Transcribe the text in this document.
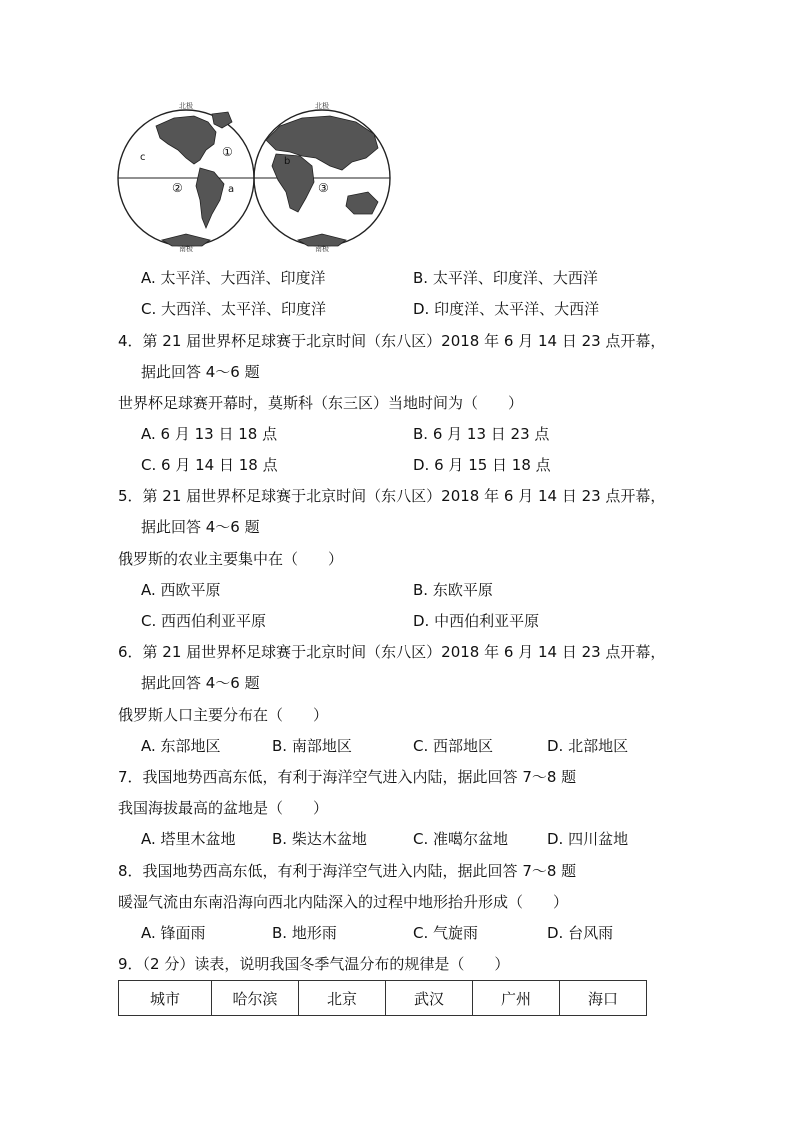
北极	北极
南极	南极
①
②	③
a
b
c
A. 太平洋、大西洋、印度洋	B. 太平洋、印度洋、大西洋
C. 大西洋、太平洋、印度洋	D. 印度洋、太平洋、大西洋
4．第 21 届世界杯足球赛于北京时间（东八区）2018 年 6 月 14 日 23 点开幕，
据此回答 4～6 题
世界杯足球赛开幕时，莫斯科（东三区）当地时间为（　　）
A. 6 月 13 日 18 点	B. 6 月 13 日 23 点
C. 6 月 14 日 18 点	D. 6 月 15 日 18 点
5．第 21 届世界杯足球赛于北京时间（东八区）2018 年 6 月 14 日 23 点开幕，
据此回答 4～6 题
俄罗斯的农业主要集中在（　　）
A. 西欧平原	B. 东欧平原
C. 西西伯利亚平原	D. 中西伯利亚平原
6．第 21 届世界杯足球赛于北京时间（东八区）2018 年 6 月 14 日 23 点开幕，
据此回答 4～6 题
俄罗斯人口主要分布在（　　）
A. 东部地区	B. 南部地区	C. 西部地区	D. 北部地区
7．我国地势西高东低，有利于海洋空气进入内陆，据此回答 7～8 题
我国海拔最高的盆地是（　　）
A. 塔里木盆地 B. 柴达木盆地	C. 准噶尔盆地	D. 四川盆地
8．我国地势西高东低，有利于海洋空气进入内陆，据此回答 7～8 题
暖湿气流由东南沿海向西北内陆深入的过程中地形抬升形成（　　）
A. 锋面雨	B. 地形雨	C. 气旋雨	D. 台风雨
9．（2 分）读表，说明我国冬季气温分布的规律是（　　）
城市	哈尔滨	北京	武汉	广州	海口
